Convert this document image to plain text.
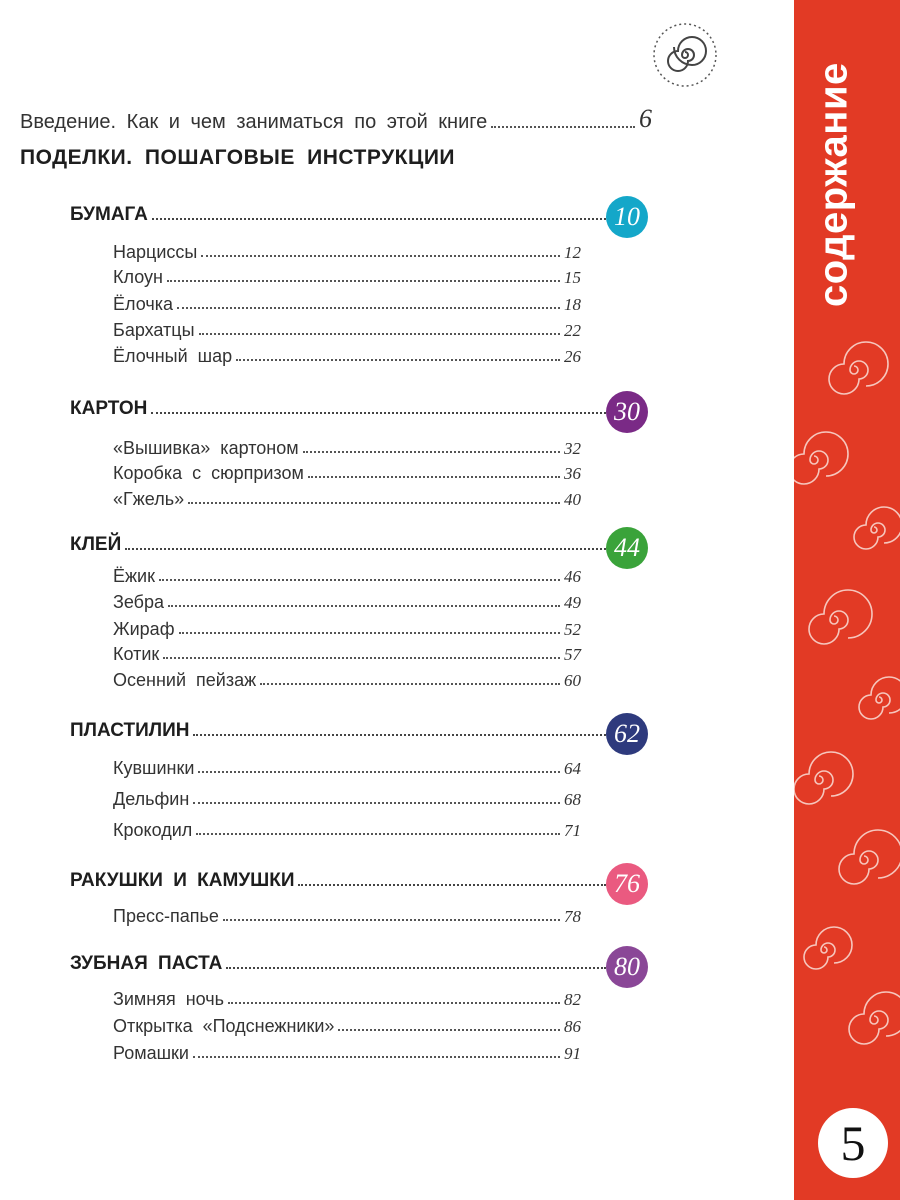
Введение. Как и чем заниматься по этой книге	6
ПОДЕЛКИ. ПОШАГОВЫЕ ИНСТРУКЦИИ
БУМАГА	10
Нарциссы	12
Клоун	15
Ёлочка	18
Бархатцы	22
Ёлочный шар	26
КАРТОН	30
«Вышивка» картоном	32
Коробка с сюрпризом	36
«Гжель»	40
КЛЕЙ	44
Ёжик	46
Зебра	49
Жираф	52
Котик	57
Осенний пейзаж	60
ПЛАСТИЛИН	62
Кувшинки	64
Дельфин	68
Крокодил	71
РАКУШКИ И КАМУШКИ	76
Пресс-папье	78
ЗУБНАЯ ПАСТА	80
Зимняя ночь	82
Открытка «Подснежники»	86
Ромашки	91
содержание
5
